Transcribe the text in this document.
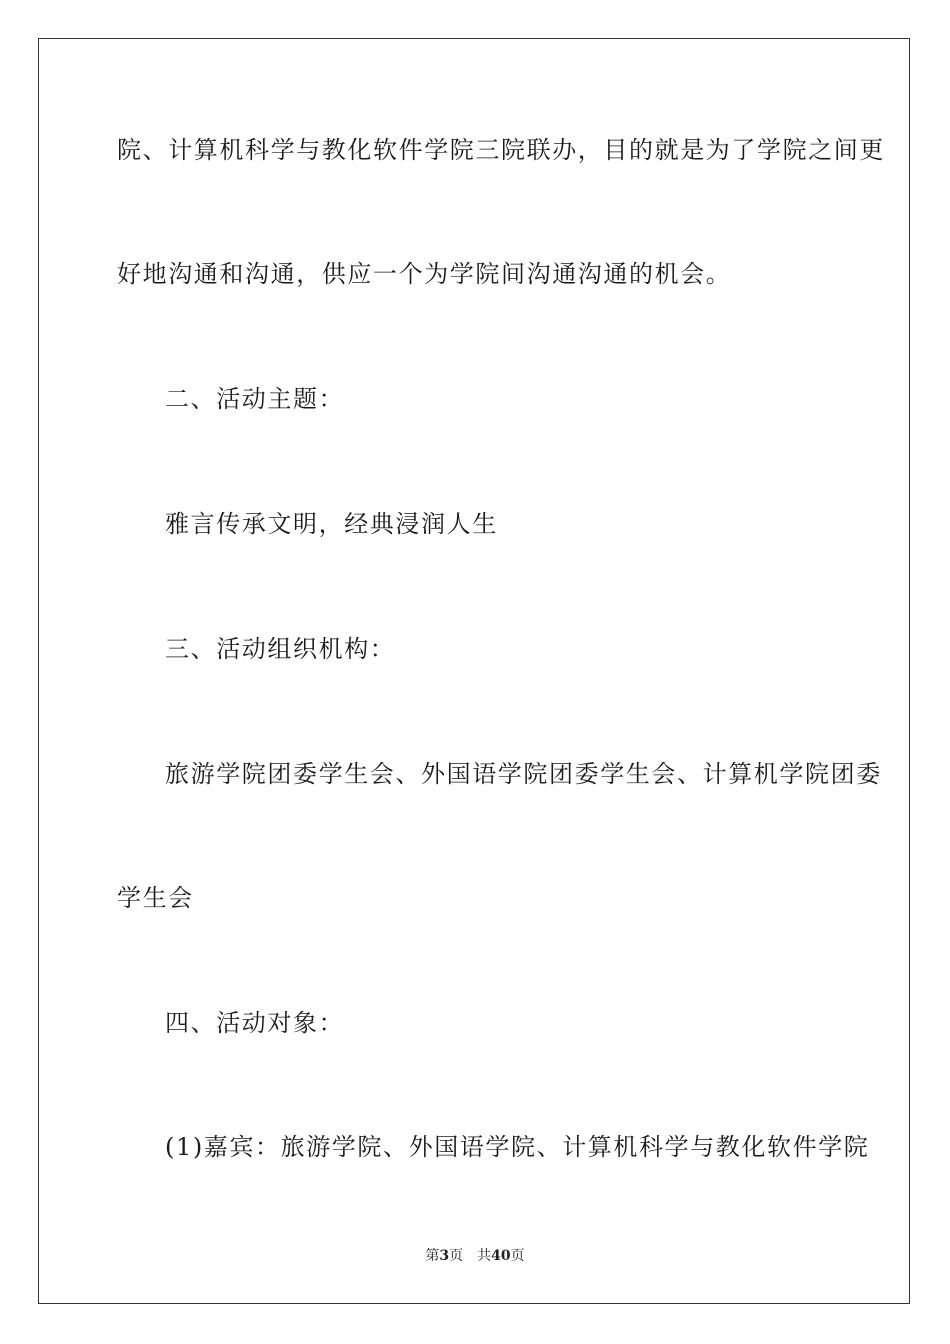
院、计算机科学与教化软件学院三院联办，目的就是为了学院之间更
好地沟通和沟通，供应一个为学院间沟通沟通的机会。
二、活动主题：
雅言传承文明，经典浸润人生
三、活动组织机构：
旅游学院团委学生会、外国语学院团委学生会、计算机学院团委
学生会
四、活动对象：
(1)嘉宾：旅游学院、外国语学院、计算机科学与教化软件学院
第3页 共40页
